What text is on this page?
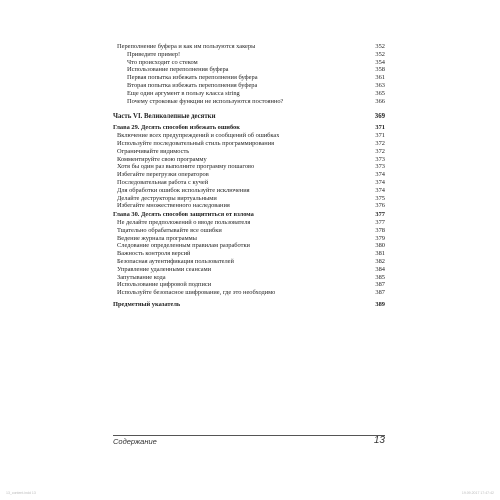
Переполнение буфера и как им пользуются хакеры	352
Приведите пример!	352
Что происходит со стеком	354
Использование переполнения буфера	358
Первая попытка избежать переполнения буфера	361
Вторая попытка избежать переполнения буфера	363
Еще один аргумент в пользу класса string	365
Почему строковые функции не используются постоянно?	366
Часть VI. Великолепные десятки	369
Глава 29. Десять способов избежать ошибок	371
Включение всех предупреждений и сообщений об ошибках	371
Используйте последовательный стиль программирования	372
Ограничивайте видимость	372
Комментируйте свою программу	373
Хотя бы один раз выполните программу пошагово	373
Избегайте перегрузки операторов	374
Последовательная работа с кучей	374
Для обработки ошибок используйте исключения	374
Делайте деструкторы виртуальными	375
Избегайте множественного наследования	376
Глава 30. Десять способов защититься от взлома	377
Не делайте предположений о вводе пользователя	377
Тщательно обрабатывайте все ошибки	378
Ведение журнала программы	379
Следование определенным правилам разработки	380
Важность контроля версий	381
Безопасная аутентификация пользователей	382
Управление удаленными сеансами	384
Запутывание кода	385
Использование цифровой подписи	387
Используйте безопасное шифрование, где это необходимо	387
Предметный указатель	389
Содержание	13
13_content.indd 13	19.09.2017 17:47:42
